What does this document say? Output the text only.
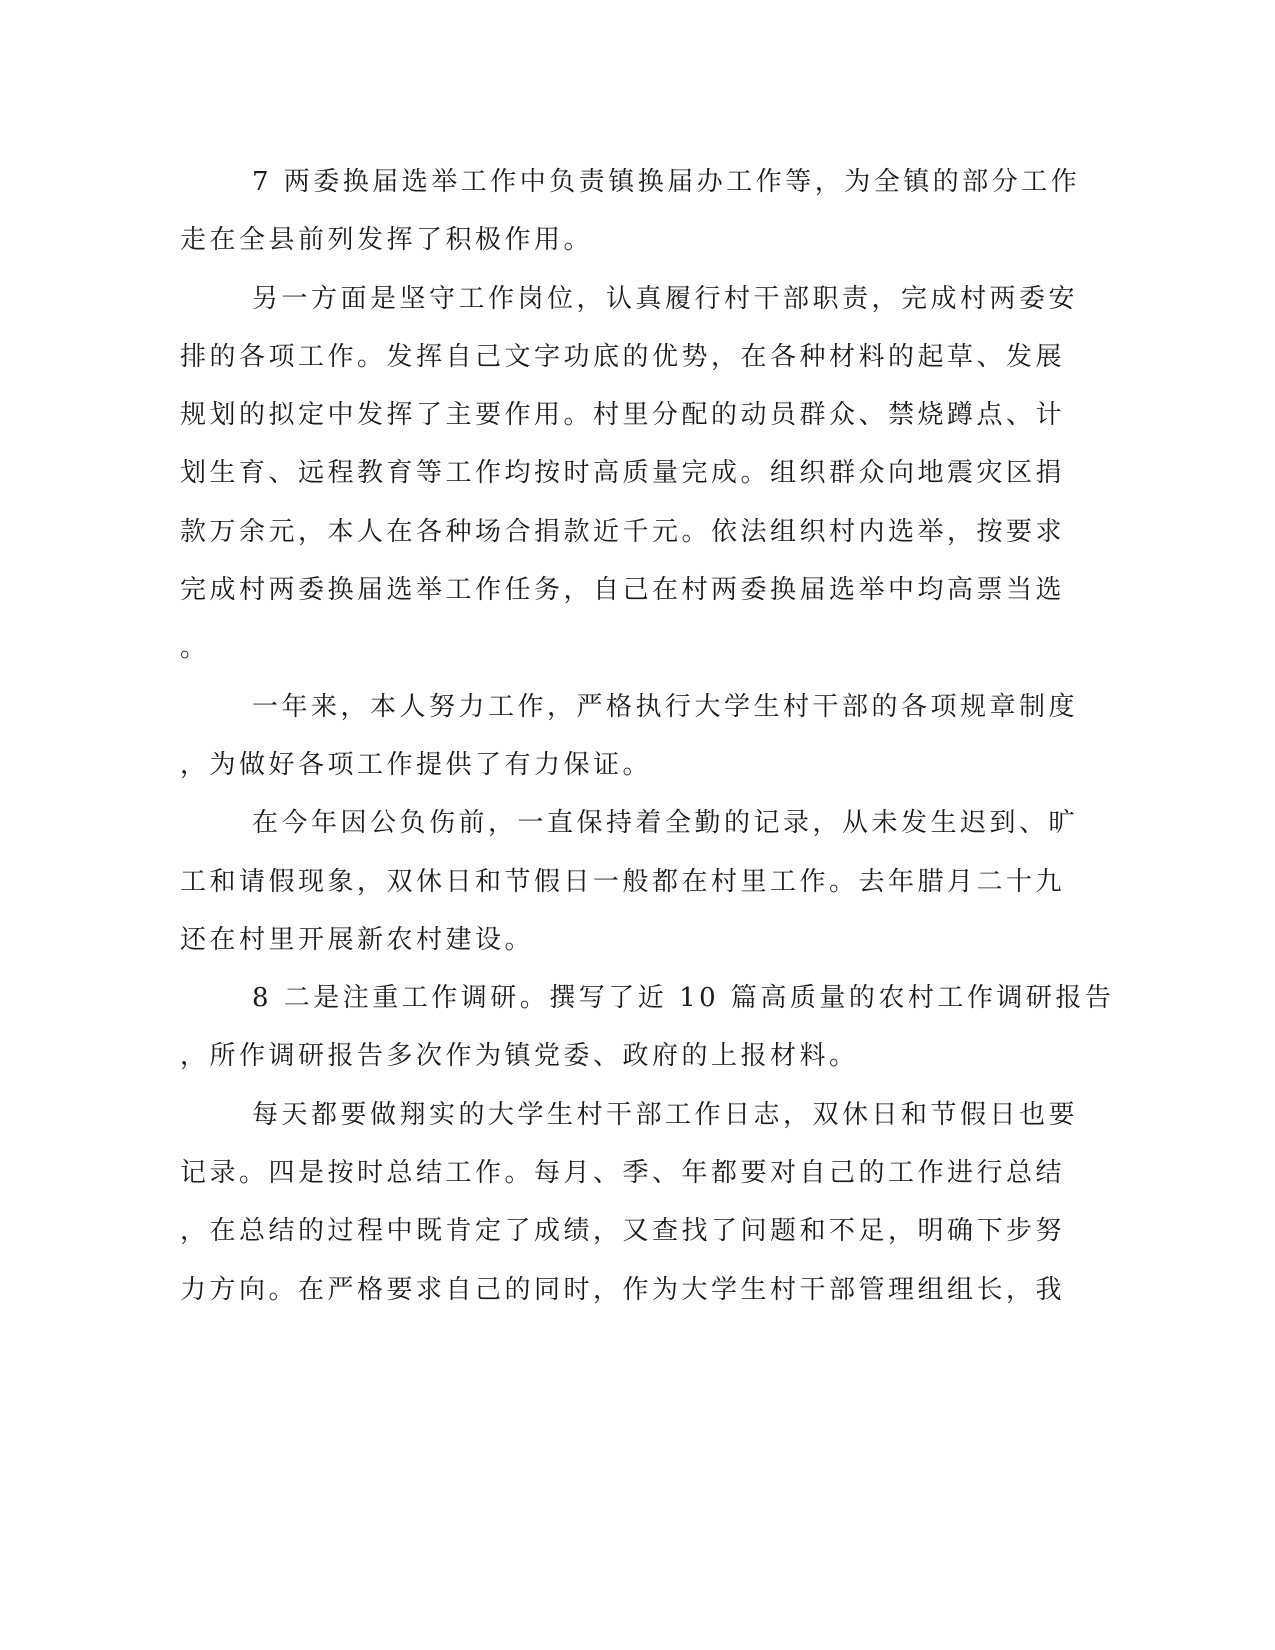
7 两委换届选举工作中负责镇换届办工作等，为全镇的部分工作
走在全县前列发挥了积极作用。
另一方面是坚守工作岗位，认真履行村干部职责，完成村两委安
排的各项工作。发挥自己文字功底的优势，在各种材料的起草、发展
规划的拟定中发挥了主要作用。村里分配的动员群众、禁烧蹲点、计
划生育、远程教育等工作均按时高质量完成。组织群众向地震灾区捐
款万余元，本人在各种场合捐款近千元。依法组织村内选举，按要求
完成村两委换届选举工作任务，自己在村两委换届选举中均高票当选
。
一年来，本人努力工作，严格执行大学生村干部的各项规章制度
，为做好各项工作提供了有力保证。
在今年因公负伤前，一直保持着全勤的记录，从未发生迟到、旷
工和请假现象，双休日和节假日一般都在村里工作。去年腊月二十九
还在村里开展新农村建设。
8 二是注重工作调研。撰写了近 10 篇高质量的农村工作调研报告
，所作调研报告多次作为镇党委、政府的上报材料。
每天都要做翔实的大学生村干部工作日志，双休日和节假日也要
记录。四是按时总结工作。每月、季、年都要对自己的工作进行总结
，在总结的过程中既肯定了成绩，又查找了问题和不足，明确下步努
力方向。在严格要求自己的同时，作为大学生村干部管理组组长，我
